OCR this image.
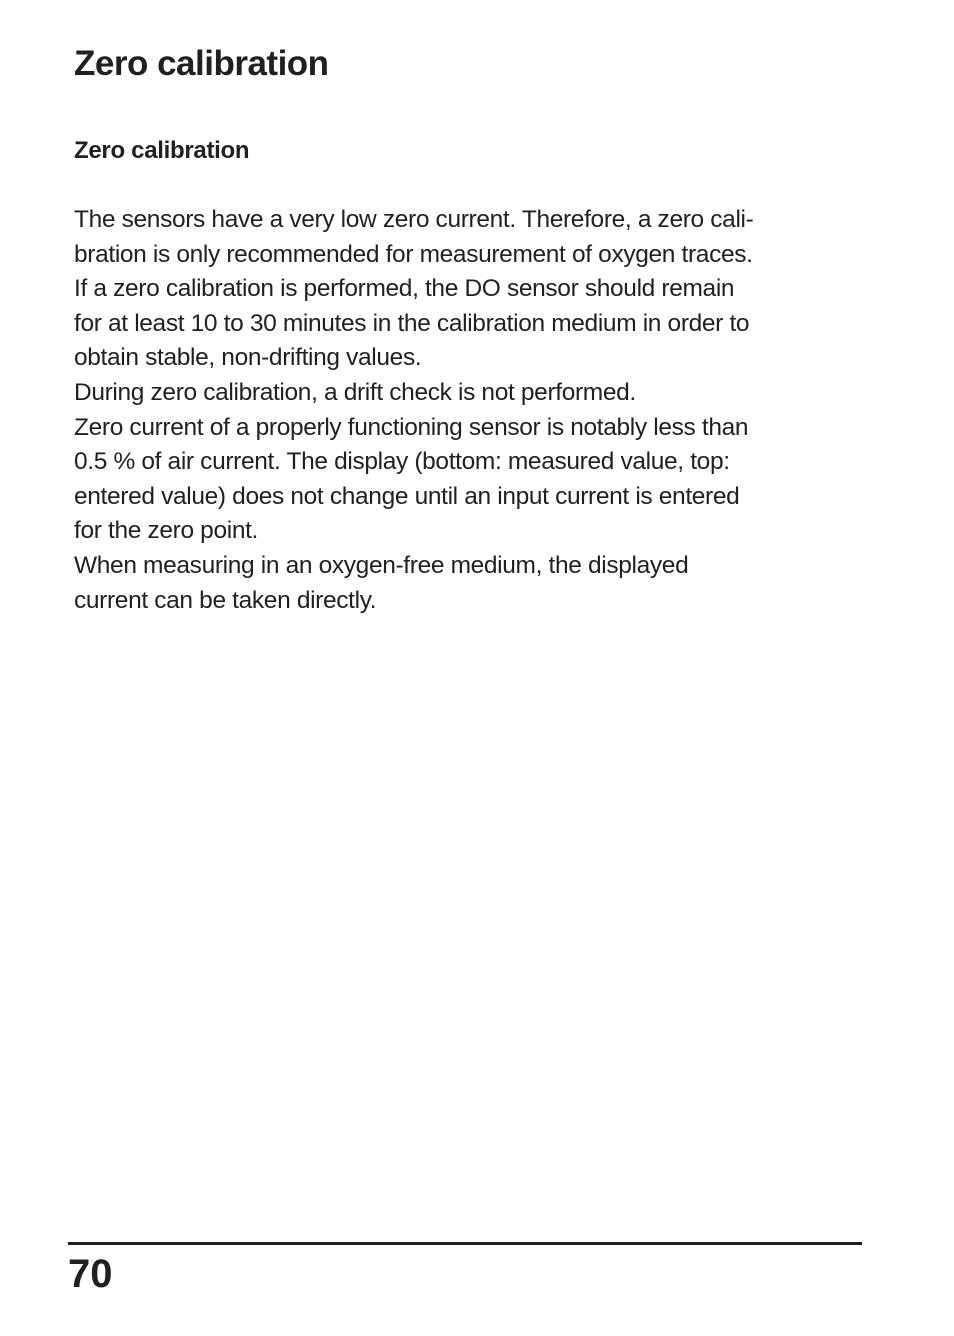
Zero calibration
Zero calibration
The sensors have a very low zero current. Therefore, a zero cali-
bration is only recommended for measurement of oxygen traces.
If a zero calibration is performed, the DO sensor should remain
for at least 10 to 30 minutes in the calibration medium in order to
obtain stable, non-drifting values.
During zero calibration, a drift check is not performed.
Zero current of a properly functioning sensor is notably less than
0.5 % of air current. The display (bottom: measured value, top:
entered value) does not change until an input current is entered
for the zero point.
When measuring in an oxygen-free medium, the displayed
current can be taken directly.
70
